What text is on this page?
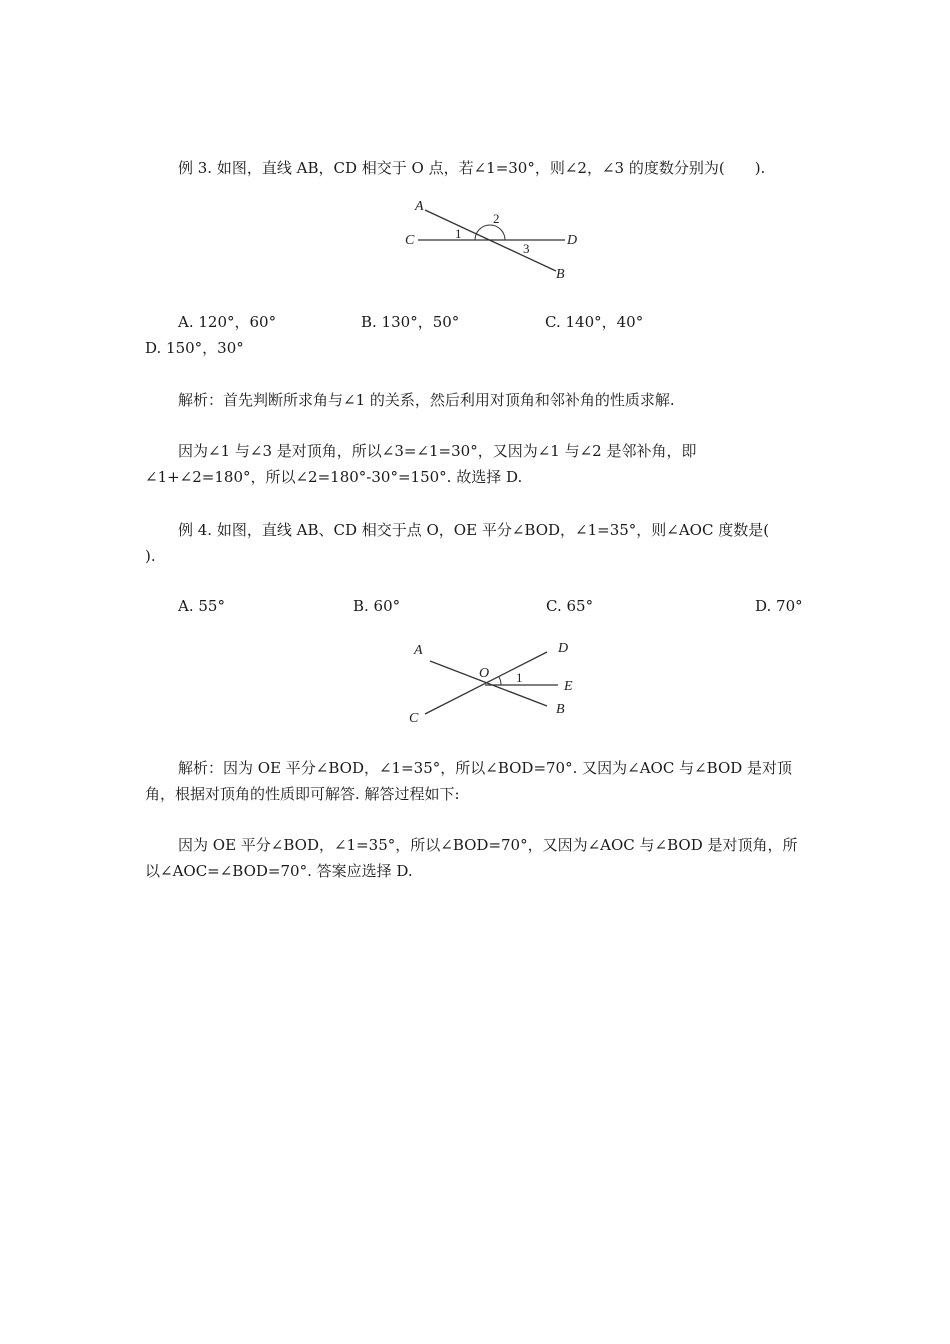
例 3. 如图，直线 AB，CD 相交于 O 点，若∠1=30°，则∠2，∠3 的度数分别为(　　).
A
C	D
B
1
2
3
A. 120°，60°	B. 130°，50°	C. 140°，40°
D. 150°，30°
解析：首先判断所求角与∠1 的关系，然后利用对顶角和邻补角的性质求解.
因为∠1 与∠3 是对顶角，所以∠3=∠1=30°，又因为∠1 与∠2 是邻补角，即
∠1+∠2=180°，所以∠2=180°-30°=150°. 故选择 D.
例 4. 如图，直线 AB、CD 相交于点 O，OE 平分∠BOD，∠1=35°，则∠AOC 度数是(
).
A. 55°	B. 60°	C. 65°	D. 70°
A	D
O 1
E
B
C
解析：因为 OE 平分∠BOD，∠1=35°，所以∠BOD=70°. 又因为∠AOC 与∠BOD 是对顶
角，根据对顶角的性质即可解答. 解答过程如下:
因为 OE 平分∠BOD，∠1=35°，所以∠BOD=70°，又因为∠AOC 与∠BOD 是对顶角，所
以∠AOC=∠BOD=70°. 答案应选择 D.
